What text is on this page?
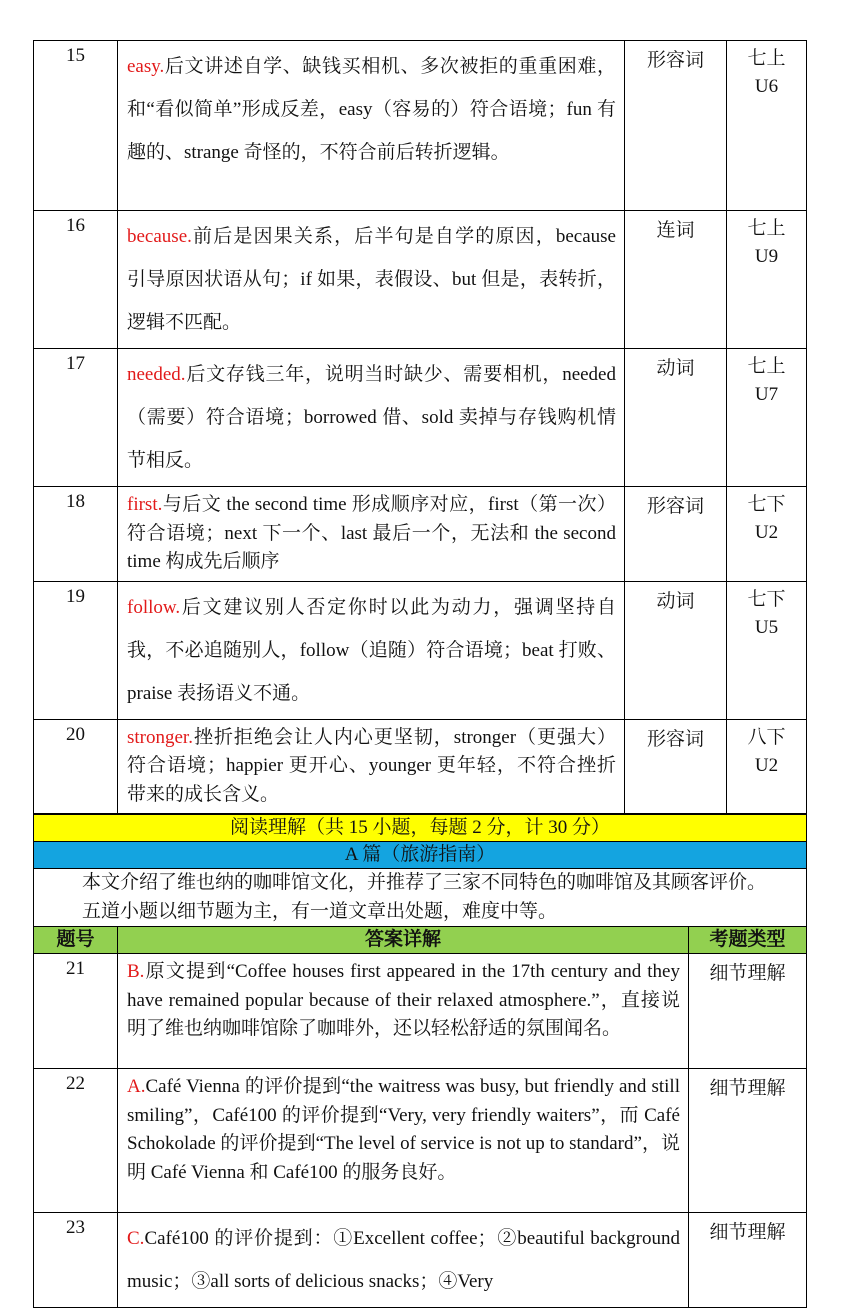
15	easy.后文讲述自学、缺钱买相机、多次被拒的重重困难，和“看似简单”形成反差，easy（容易的）符合语境；fun 有趣的、strange 奇怪的，不符合前后转折逻辑。	形容词	七上
U6

16	because.前后是因果关系，后半句是自学的原因，because 引导原因状语从句；if 如果，表假设、but 但是，表转折，逻辑不匹配。	连词	七上
U9

17	needed.后文存钱三年，说明当时缺少、需要相机，needed（需要）符合语境；borrowed 借、sold 卖掉与存钱购机情节相反。	动词	七上
U7

18	first.与后文 the second time 形成顺序对应，first（第一次）符合语境；next 下一个、last 最后一个，无法和 the second time 构成先后顺序	形容词	七下
U2

19	follow.后文建议别人否定你时以此为动力，强调坚持自我，不必追随别人，follow（追随）符合语境；beat 打败、praise 表扬语义不通。	动词	七下
U5

20	stronger.挫折拒绝会让人内心更坚韧，stronger（更强大）符合语境；happier 更开心、younger 更年轻，不符合挫折带来的成长含义。	形容词	八下
U2
阅读理解（共 15 小题，每题 2 分，计 30 分）		
A 篇（旅游指南）		

本文介绍了维也纳的咖啡馆文化，并推荐了三家不同特色的咖啡馆及其顾客评价。

五道小题以细节题为主，有一道文章出处题，难度中等。		

题号	答案详解	考题类型
21	B.原文提到“Coffee houses first appeared in the 17th century and they have remained popular because of their relaxed atmosphere.”，直接说明了维也纳咖啡馆除了咖啡外，还以轻松舒适的氛围闻名。	细节理解
22	A.Café Vienna 的评价提到“the waitress was busy, but friendly and still smiling”，Café100 的评价提到“Very, very friendly waiters”，而 Café Schokolade 的评价提到“The level of service is not up to standard”，说明 Café Vienna 和 Café100 的服务良好。	细节理解
23	C.Café100 的评价提到：①Excellent coffee；②beautiful background music；③all sorts of delicious snacks；④Very	细节理解
